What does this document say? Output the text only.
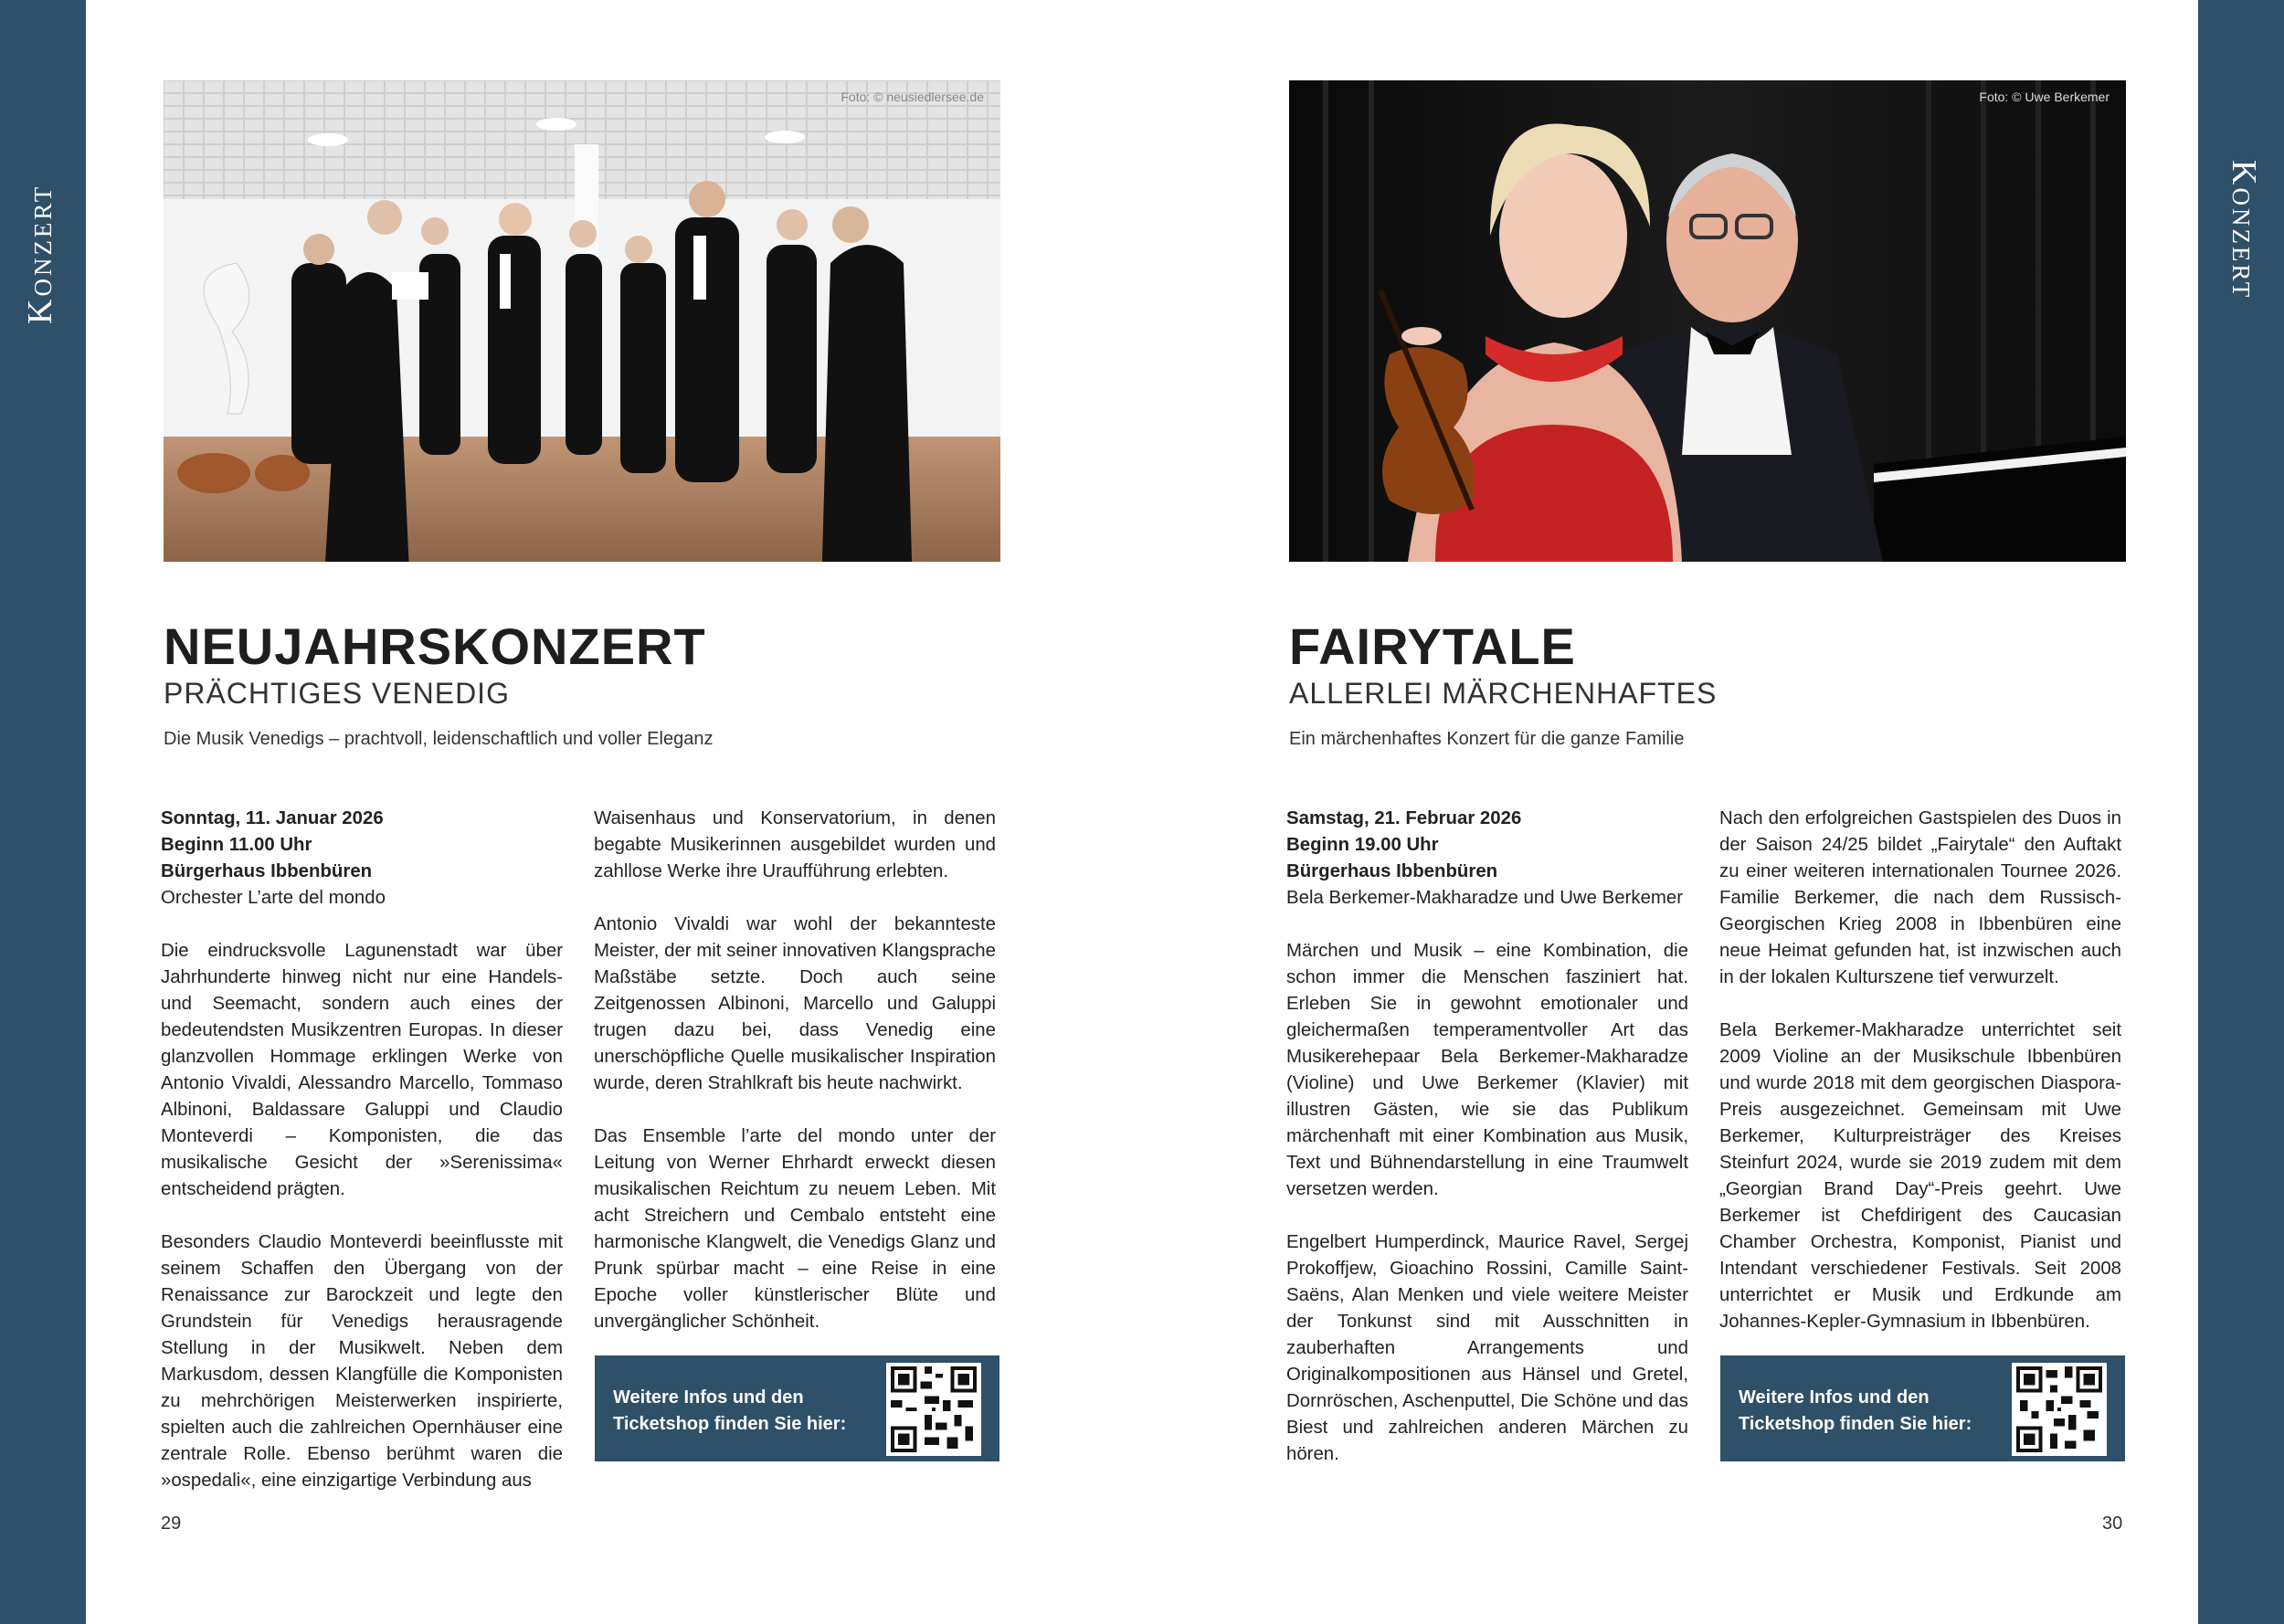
Konzert	Konzert
Foto: © neusiedlersee.de	Foto: © Uwe Berkemer
NEUJAHRSKONZERT
PRÄCHTIGES VENEDIG
Die Musik Venedigs – prachtvoll, leidenschaftlich und voller Eleganz
FAIRYTALE
ALLERLEI MÄRCHENHAFTES
Ein märchenhaftes Konzert für die ganze Familie
Sonntag, 11. Januar 2026
Beginn 11.00 Uhr
Bürgerhaus Ibbenbüren
Orchester L’arte del mondo

Die eindrucksvolle Lagunenstadt war über Jahrhunderte hinweg nicht nur eine Handels- und Seemacht, sondern auch eines der bedeutendsten Musikzentren Europas. In dieser glanzvollen Hommage erklingen Werke von Antonio Vivaldi, Alessandro Marcello, Tommaso Albinoni, Baldassare Galuppi und Claudio Monteverdi – Komponisten, die das musikalische Gesicht der »Serenissima« entscheidend prägten.

Besonders Claudio Monteverdi beeinflusste mit seinem Schaffen den Übergang von der Renaissance zur Barockzeit und legte den Grundstein für Venedigs herausragende Stellung in der Musikwelt. Neben dem Markusdom, dessen Klangfülle die Komponisten zu mehrchörigen Meisterwerken inspirierte, spielten auch die zahlreichen Opernhäuser eine zentrale Rolle. Ebenso berühmt waren die »ospedali«, eine einzigartige Verbindung aus

Waisenhaus und Konservatorium, in denen begabte Musikerinnen ausgebildet wurden und zahllose Werke ihre Uraufführung erlebten.

Antonio Vivaldi war wohl der bekannteste Meister, der mit seiner innovativen Klangsprache Maßstäbe setzte. Doch auch seine Zeitgenossen Albinoni, Marcello und Galuppi trugen dazu bei, dass Venedig eine unerschöpfliche Quelle musikalischer Inspiration wurde, deren Strahlkraft bis heute nachwirkt.

Das Ensemble l’arte del mondo unter der Leitung von Werner Ehrhardt erweckt diesen musikalischen Reichtum zu neuem Leben. Mit acht Streichern und Cembalo entsteht eine harmonische Klangwelt, die Venedigs Glanz und Prunk spürbar macht – eine Reise in eine Epoche voller künstlerischer Blüte und unvergänglicher Schönheit.

Samstag, 21. Februar 2026
Beginn 19.00 Uhr
Bürgerhaus Ibbenbüren
Bela Berkemer-Makharadze und Uwe Berkemer

Märchen und Musik – eine Kombination, die schon immer die Menschen fasziniert hat. Erleben Sie in gewohnt emotionaler und gleichermaßen temperamentvoller Art das Musikerehepaar Bela Berkemer-Makharadze (Violine) und Uwe Berkemer (Klavier) mit illustren Gästen, wie sie das Publikum märchenhaft mit einer Kombination aus Musik, Text und Bühnendarstellung in eine Traumwelt versetzen werden.

Engelbert Humperdinck, Maurice Ravel, Sergej Prokoffjew, Gioachino Rossini, Camille Saint-Saëns, Alan Menken und viele weitere Meister der Tonkunst sind mit Ausschnitten in zauberhaften Arrangements und Originalkompositionen aus Hänsel und Gretel, Dornröschen, Aschenputtel, Die Schöne und das Biest und zahlreichen anderen Märchen zu hören.

Nach den erfolgreichen Gastspielen des Duos in der Saison 24/25 bildet „Fairytale“ den Auftakt zu einer weiteren internationalen Tournee 2026. Familie Berkemer, die nach dem Russisch-Georgischen Krieg 2008 in Ibbenbüren eine neue Heimat gefunden hat, ist inzwischen auch in der lokalen Kulturszene tief verwurzelt.

Bela Berkemer-Makharadze unterrichtet seit 2009 Violine an der Musikschule Ibbenbüren und wurde 2018 mit dem georgischen Diaspora-Preis ausgezeichnet. Gemeinsam mit Uwe Berkemer, Kulturpreisträger des Kreises Steinfurt 2024, wurde sie 2019 zudem mit dem „Georgian Brand Day“-Preis geehrt. Uwe Berkemer ist Chefdirigent des Caucasian Chamber Orchestra, Komponist, Pianist und Intendant verschiedener Festivals. Seit 2008 unterrichtet er Musik und Erdkunde am Johannes-Kepler-Gymnasium in Ibbenbüren.

Weitere Infos und den Ticketshop finden Sie hier:
Weitere Infos und den Ticketshop finden Sie hier:
29	30
